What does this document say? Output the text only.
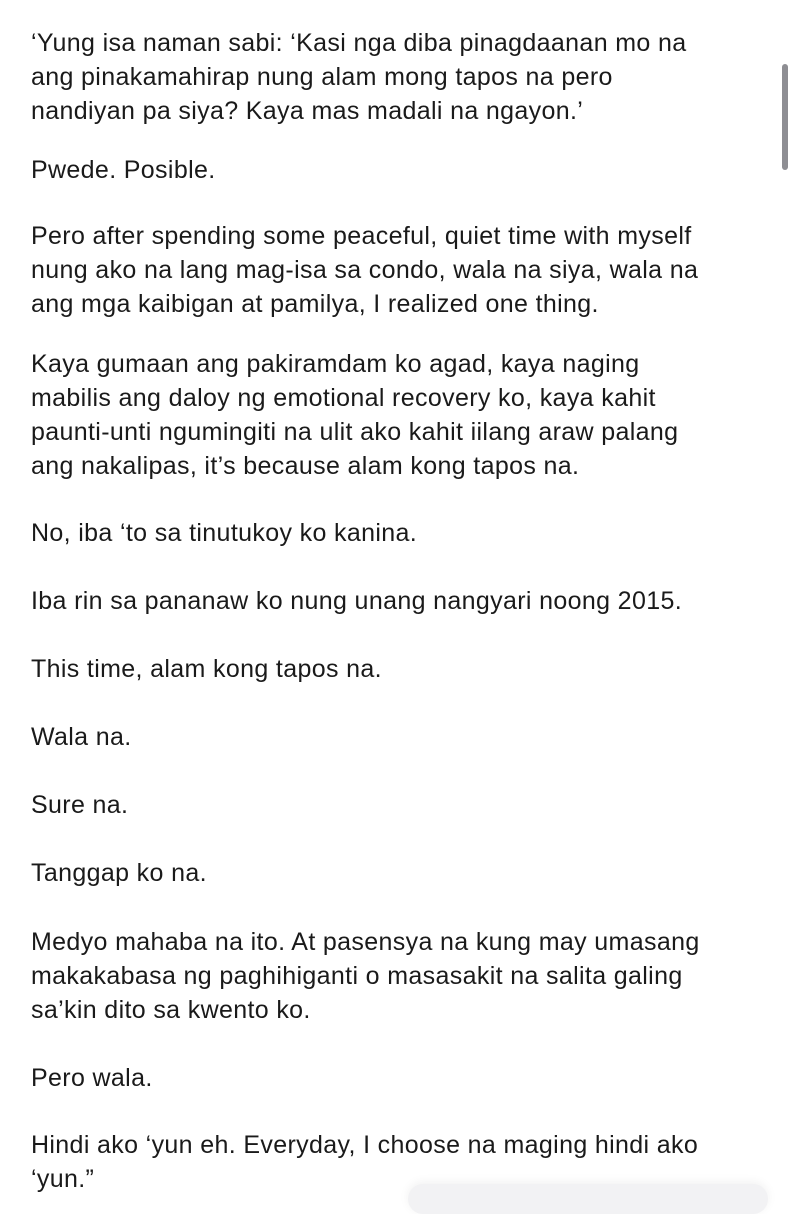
‘Yung isa naman sabi: ‘Kasi nga diba pinagdaanan mo na
ang pinakamahirap nung alam mong tapos na pero
nandiyan pa siya? Kaya mas madali na ngayon.’

Pwede. Posible.

Pero after spending some peaceful, quiet time with myself
nung ako na lang mag-isa sa condo, wala na siya, wala na
ang mga kaibigan at pamilya, I realized one thing.

Kaya gumaan ang pakiramdam ko agad, kaya naging
mabilis ang daloy ng emotional recovery ko, kaya kahit
paunti-unti ngumingiti na ulit ako kahit iilang araw palang
ang nakalipas, it’s because alam kong tapos na.

No, iba ‘to sa tinutukoy ko kanina.

Iba rin sa pananaw ko nung unang nangyari noong 2015.

This time, alam kong tapos na.

Wala na.

Sure na.

Tanggap ko na.

Medyo mahaba na ito. At pasensya na kung may umasang
makakabasa ng paghihiganti o masasakit na salita galing
sa’kin dito sa kwento ko.

Pero wala.

Hindi ako ‘yun eh. Everyday, I choose na maging hindi ako
‘yun.”
